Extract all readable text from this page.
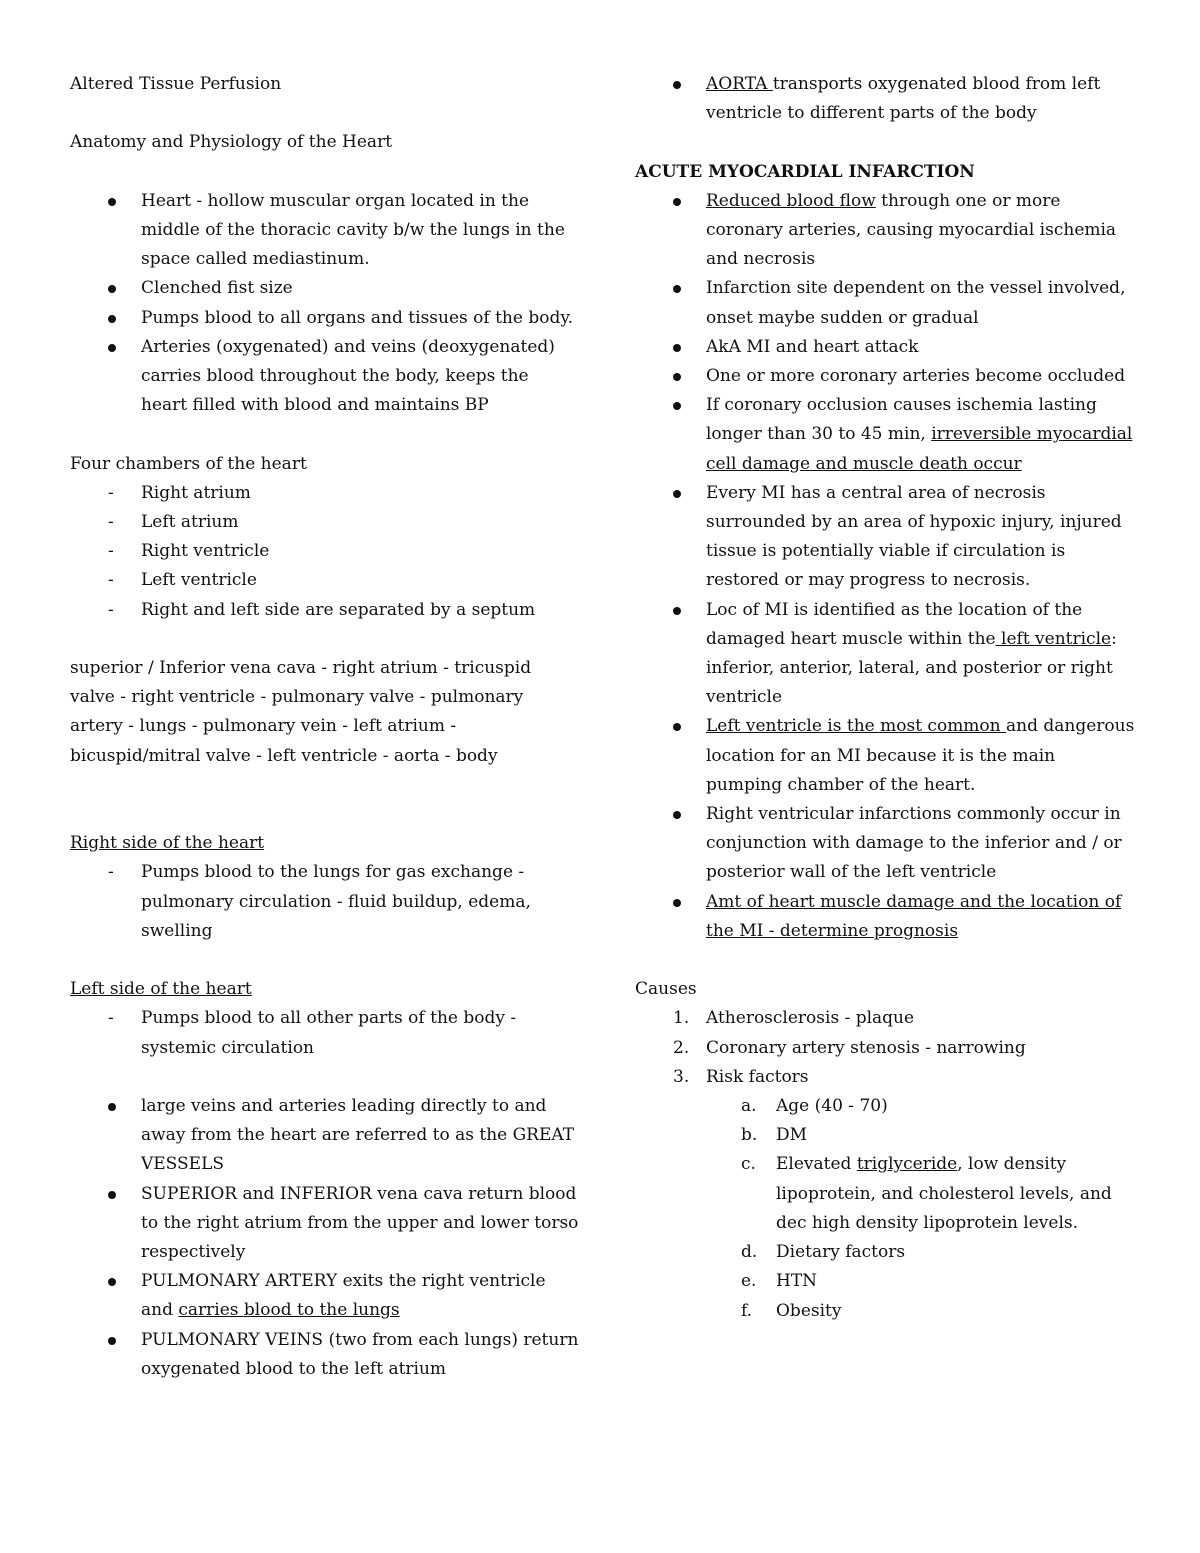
Altered Tissue Perfusion
Anatomy and Physiology of the Heart
Heart - hollow muscular organ located in the middle of the thoracic cavity b/w the lungs in the space called mediastinum.
Clenched fist size
Pumps blood to all organs and tissues of the body.
Arteries (oxygenated) and veins (deoxygenated) carries blood throughout the body, keeps the heart filled with blood and maintains BP
Four chambers of the heart
- Right atrium
- Left atrium
- Right ventricle
- Left ventricle
- Right and left side are separated by a septum
superior / Inferior vena cava - right atrium - tricuspid valve - right ventricle - pulmonary valve - pulmonary artery - lungs - pulmonary vein - left atrium - bicuspid/mitral valve - left ventricle - aorta - body
Right side of the heart
- Pumps blood to the lungs for gas exchange - pulmonary circulation - fluid buildup, edema, swelling
Left side of the heart
- Pumps blood to all other parts of the body - systemic circulation
large veins and arteries leading directly to and away from the heart are referred to as the GREAT VESSELS
SUPERIOR and INFERIOR vena cava return blood to the right atrium from the upper and lower torso respectively
PULMONARY ARTERY exits the right ventricle and carries blood to the lungs
PULMONARY VEINS (two from each lungs) return oxygenated blood to the left atrium
AORTA transports oxygenated blood from left ventricle to different parts of the body
ACUTE MYOCARDIAL INFARCTION
Reduced blood flow through one or more coronary arteries, causing myocardial ischemia and necrosis
Infarction site dependent on the vessel involved, onset maybe sudden or gradual
AkA MI and heart attack
One or more coronary arteries become occluded
If coronary occlusion causes ischemia lasting longer than 30 to 45 min, irreversible myocardial cell damage and muscle death occur
Every MI has a central area of necrosis surrounded by an area of hypoxic injury, injured tissue is potentially viable if circulation is restored or may progress to necrosis.
Loc of MI is identified as the location of the damaged heart muscle within the left ventricle: inferior, anterior, lateral, and posterior or right ventricle
Left ventricle is the most common and dangerous location for an MI because it is the main pumping chamber of the heart.
Right ventricular infarctions commonly occur in conjunction with damage to the inferior and / or posterior wall of the left ventricle
Amt of heart muscle damage and the location of the MI - determine prognosis
Causes
1. Atherosclerosis - plaque
2. Coronary artery stenosis - narrowing
3. Risk factors
a. Age (40 - 70)
b. DM
c. Elevated triglyceride, low density lipoprotein, and cholesterol levels, and dec high density lipoprotein levels.
d. Dietary factors
e. HTN
f. Obesity
